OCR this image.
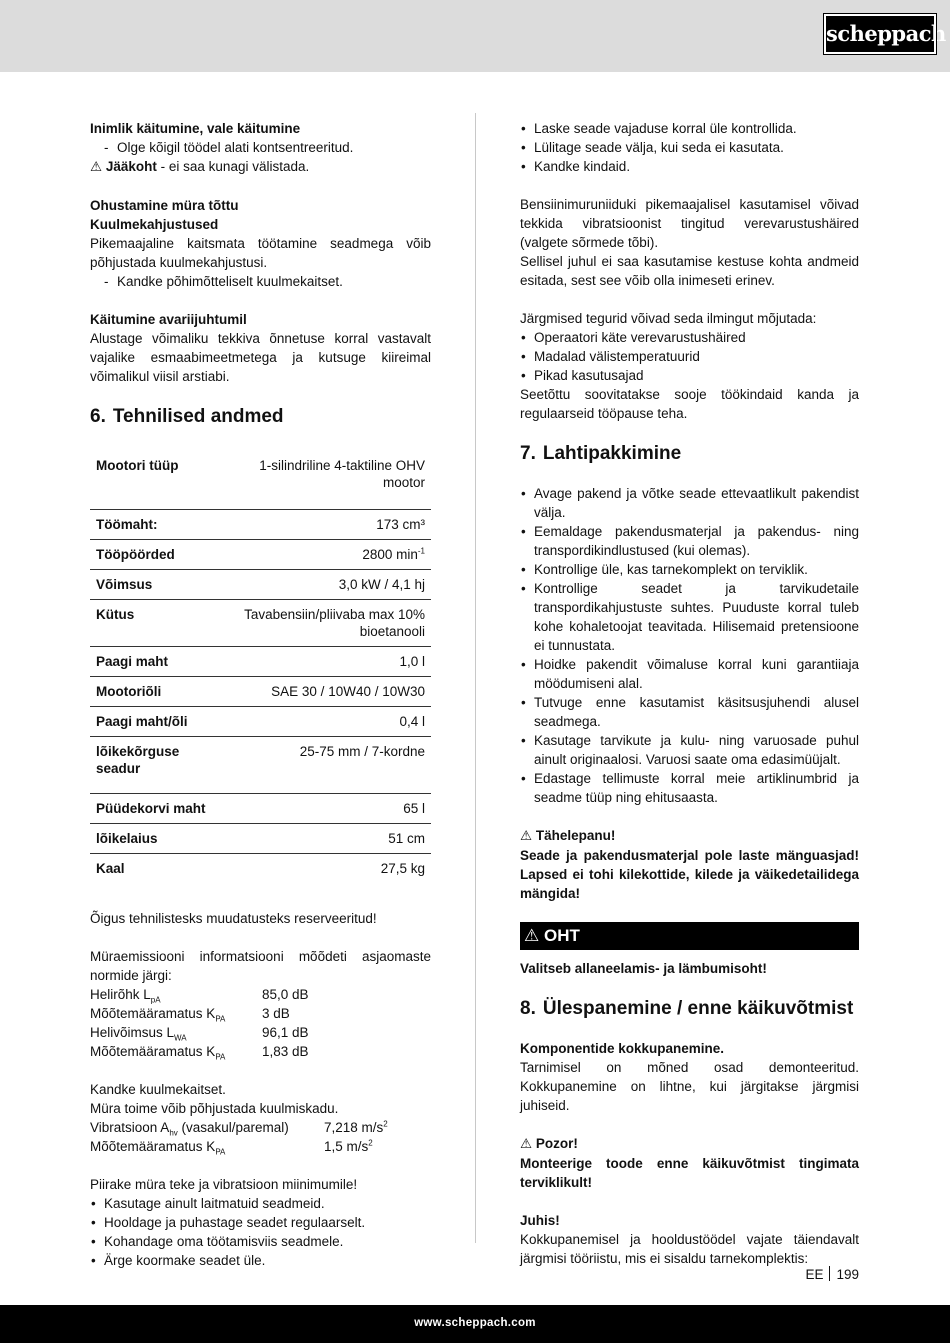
scheppach
Inimlik käitumine, vale käitumine
- Olge kõigil töödel alati kontsentreeritud.
⚠ Jääkoht - ei saa kunagi välistada.
Ohustamine müra tõttu
Kuulmekahjustused
Pikemaajaline kaitsmata töötamine seadmega võib põhjustada kuulmekahjustusi.
- Kandke põhimõtteliselt kuulmekaitset.
Käitumine avariijuhtumil
Alustage võimaliku tekkiva õnnetuse korral vastavalt vajalike esmaabimeetmetega ja kutsuge kiireimal võimalikul viisil arstiabi.
6. Tehnilised andmed
Mootori tüüp	1-silindriline 4-taktiline OHV mootor
Töömaht:	173 cm³
Tööpöörded	2800 $\min^{-1}$
Võimsus	3,0 kW / 4,1 hj
Kütus	Tavabensiin/pliivaba max 10% bioetanooli
Paagi maht	1,0 l
Mootoriõli	SAE 30 / 10W40 / 10W30
Paagi maht/õli	0,4 l
lõikekõrguse seadur	25-75 mm / 7-kordne
Püüdekorvi maht	65 l
lõikelaius	51 cm
Kaal	27,5 kg
Õigus tehnilistesks muudatusteks reserveeritud!
Müraemissiooni informatsiooni mõõdeti asjaomaste normide järgi:
Helirõhk $L_{pA}$	85,0 dB
Mõõtemääramatus $K_{PA}$	3 dB
Helivõimsus $L_{WA}$	96,1 dB
Mõõtemääramatus $K_{PA}$	1,83 dB
Kandke kuulmekaitset.
Müra toime võib põhjustada kuulmiskadu.
Vibratsioon $A_{hv}$ (vasakul/paremal)	7,218 $m/s^2$
Mõõtemääramatus $K_{PA}$	1,5 $m/s^2$
Piirake müra teke ja vibratsioon miinimumile!
• Kasutage ainult laitmatuid seadmeid.
• Hooldage ja puhastage seadet regulaarselt.
• Kohandage oma töötamisviis seadmele.
• Ärge koormake seadet üle.
• Laske seade vajaduse korral üle kontrollida.
• Lülitage seade välja, kui seda ei kasutata.
• Kandke kindaid.
Bensiinimuruniiduki pikemaajalisel kasutamisel võivad tekkida vibratsioonist tingitud verevarustushäired (valgete sõrmede tõbi).
Sellisel juhul ei saa kasutamise kestuse kohta andmeid esitada, sest see võib olla inimeseti erinev.
Järgmised tegurid võivad seda ilmingut mõjutada:
• Operaatori käte verevarustushäired
• Madalad välistemperatuurid
• Pikad kasutusajad
Seetõttu soovitatakse sooje töökindaid kanda ja regulaarseid tööpause teha.
7. Lahtipakkimine
• Avage pakend ja võtke seade ettevaatlikult pakendist välja.
• Eemaldage pakendusmaterjal ja pakendus- ning transpordikindlustused (kui olemas).
• Kontrollige üle, kas tarnekomplekt on terviklik.
• Kontrollige seadet ja tarvikudetaile transpordikahjustuste suhtes. Puuduste korral tuleb kohe kohaletoojat teavitada. Hilisemaid pretensioone ei tunnustata.
• Hoidke pakendit võimaluse korral kuni garantiiaja möödumiseni alal.
• Tutvuge enne kasutamist käsitsusjuhendi alusel seadmega.
• Kasutage tarvikute ja kulu- ning varuosade puhul ainult originaalosi. Varuosi saate oma edasimüüjalt.
• Edastage tellimuste korral meie artiklinumbrid ja seadme tüüp ning ehitusaasta.
⚠ Tähelepanu!
Seade ja pakendusmaterjal pole laste mänguasjad! Lapsed ei tohi kilekottide, kilede ja väikedetailidega mängida!
⚠ OHT
Valitseb allaneelamis- ja lämbumisoht!
8. Ülespanemine / enne käikuvõtmist
Komponentide kokkupanemine.
Tarnimisel on mõned osad demonteeritud. Kokkupanemine on lihtne, kui järgitakse järgmisi juhiseid.
⚠ Pozor!
Monteerige toode enne käikuvõtmist tingimata terviklikult!
Juhis!
Kokkupanemisel ja hooldustöödel vajate täiendavalt järgmisi tööriistu, mis ei sisaldu tarnekomplektis:
EE 199
www.scheppach.com
